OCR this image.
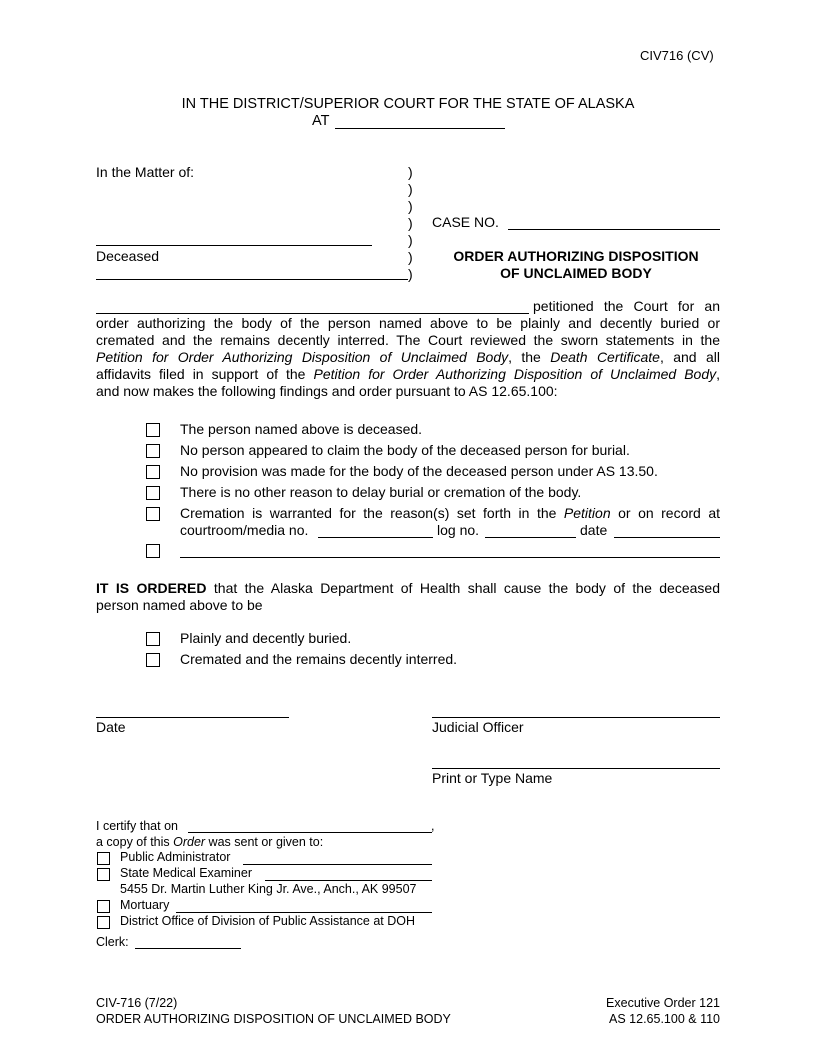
CIV716 (CV)
IN THE DISTRICT/SUPERIOR COURT FOR THE STATE OF ALASKA
AT
In the Matter of:	)
)
)
)
)
)
)
Deceased
CASE NO.
ORDER AUTHORIZING DISPOSITION
OF UNCLAIMED BODY
petitioned the Court for an
order authorizing the body of the person named above to be plainly and decently buried or
cremated and the remains decently interred. The Court reviewed the sworn statements in the
Petition for Order Authorizing Disposition of Unclaimed Body, the Death Certificate, and all
affidavits filed in support of the Petition for Order Authorizing Disposition of Unclaimed Body,
and now makes the following findings and order pursuant to AS 12.65.100:
The person named above is deceased.
No person appeared to claim the body of the deceased person for burial.
No provision was made for the body of the deceased person under AS 13.50.
There is no other reason to delay burial or cremation of the body.
Cremation is warranted for the reason(s) set forth in the Petition or on record at
courtroom/media no.	log no.	date
IT IS ORDERED that the Alaska Department of Health shall cause the body of the deceased
person named above to be
Plainly and decently buried.
Cremated and the remains decently interred.
Date	Judicial Officer
Print or Type Name
I certify that on	,
a copy of this Order was sent or given to:
Public Administrator
State Medical Examiner
5455 Dr. Martin Luther King Jr. Ave., Anch., AK 99507
Mortuary
District Office of Division of Public Assistance at DOH
Clerk:
CIV-716 (7/22)
ORDER AUTHORIZING DISPOSITION OF UNCLAIMED BODY
Executive Order 121
AS 12.65.100 & 110
